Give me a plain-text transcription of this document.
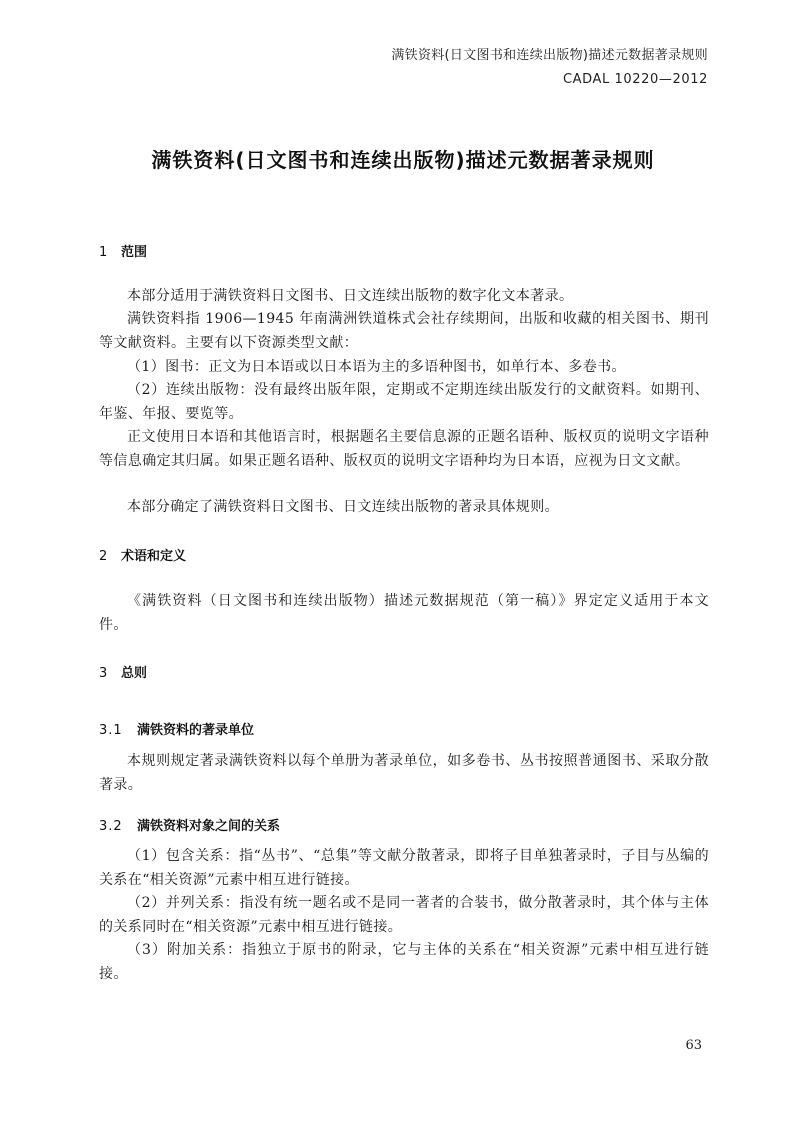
满铁资料(日文图书和连续出版物)描述元数据著录规则
CADAL 10220—2012
满铁资料(日文图书和连续出版物)描述元数据著录规则
1 范围

本部分适用于满铁资料日文图书、日文连续出版物的数字化文本著录。

满铁资料指 1906—1945 年南满洲铁道株式会社存续期间，出版和收藏的相关图书、期刊等文献资料。主要有以下资源类型文献：

（1）图书：正文为日本语或以日本语为主的多语种图书，如单行本、多卷书。

（2）连续出版物：没有最终出版年限，定期或不定期连续出版发行的文献资料。如期刊、年鉴、年报、要览等。

正文使用日本语和其他语言时，根据题名主要信息源的正题名语种、版权页的说明文字语种等信息确定其归属。如果正题名语种、版权页的说明文字语种均为日本语，应视为日文文献。

本部分确定了满铁资料日文图书、日文连续出版物的著录具体规则。

2 术语和定义

《满铁资料（日文图书和连续出版物）描述元数据规范（第一稿）》界定定义适用于本文件。

3 总则
3.1 满铁资料的著录单位

本规则规定著录满铁资料以每个单册为著录单位，如多卷书、丛书按照普通图书、采取分散著录。

3.2 满铁资料对象之间的关系

（1）包含关系：指“丛书”、“总集”等文献分散著录，即将子目单独著录时，子目与丛编的关系在“相关资源”元素中相互进行链接。

（2）并列关系：指没有统一题名或不是同一著者的合装书，做分散著录时，其个体与主体的关系同时在“相关资源”元素中相互进行链接。

（3）附加关系：指独立于原书的附录，它与主体的关系在“相关资源”元素中相互进行链接。

63
